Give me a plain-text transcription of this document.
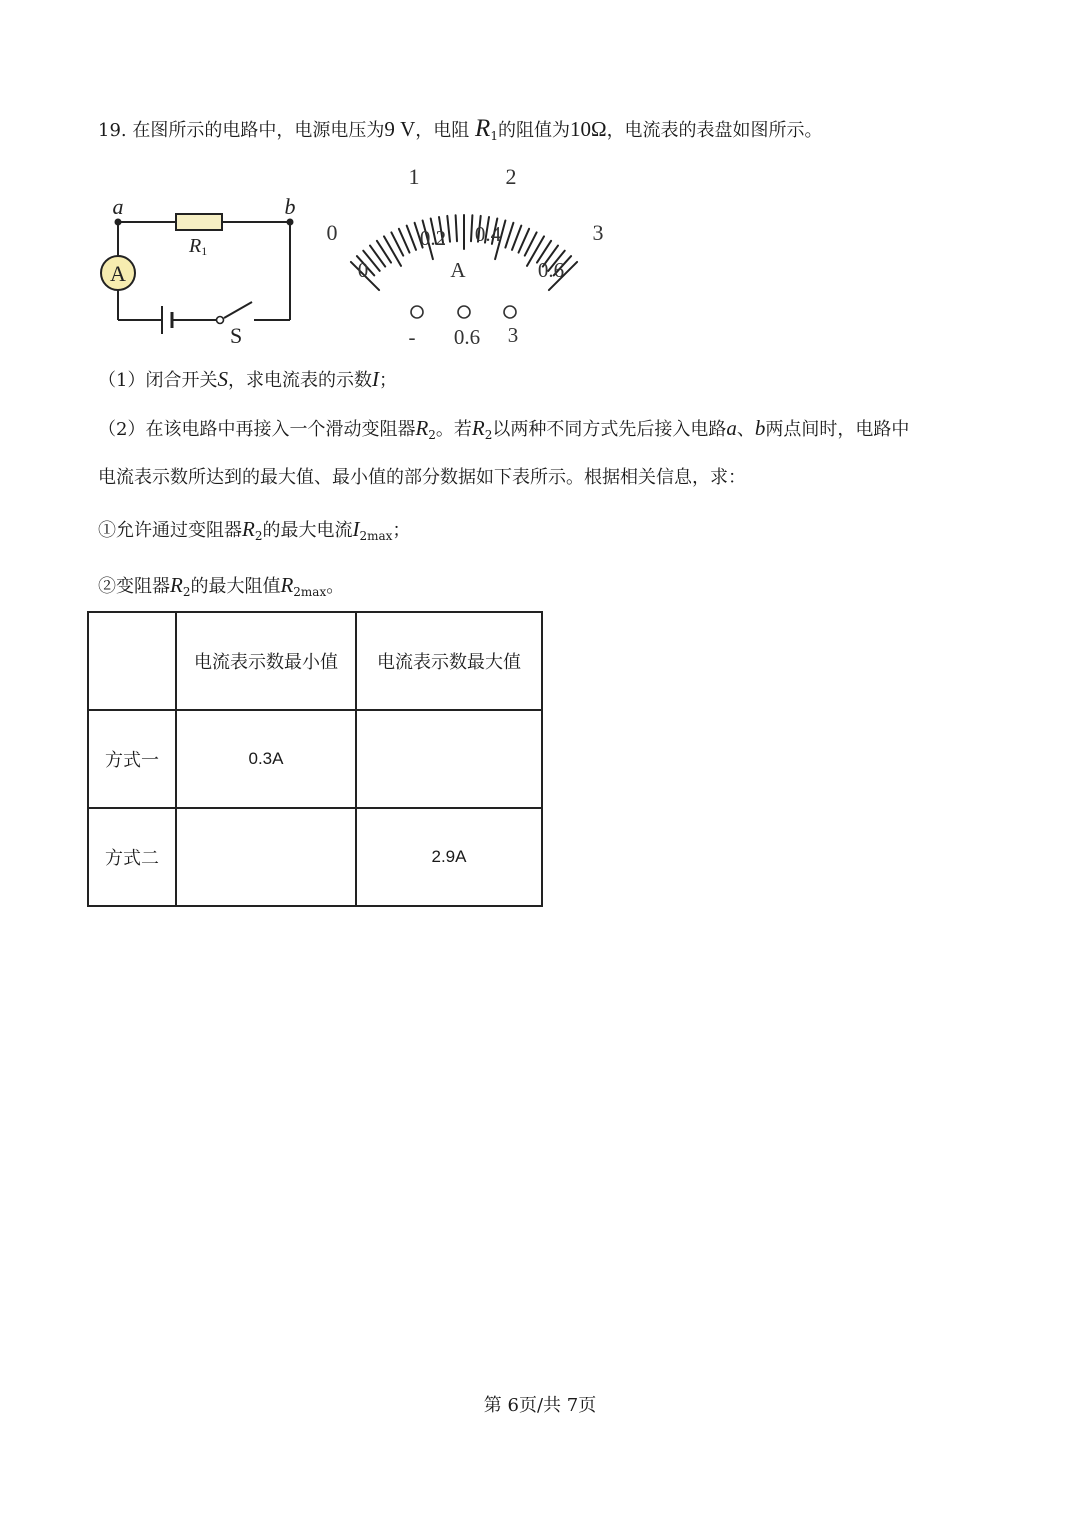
19. 在图所示的电路中，电源电压为9 V，电阻 $R_1$的阻值为10Ω，电流表的表盘如图所示。
A
a	b
R1
S
0
1	2
3
0
0.2 0.4
0.6
A
- 0.6 3
（1）闭合开关S，求电流表的示数I；
（2）在该电路中再接入一个滑动变阻器$R_2$。若$R_2$以两种不同方式先后接入电路a、b两点间时，电路中
电流表示数所达到的最大值、最小值的部分数据如下表所示。根据相关信息，求：
①允许通过变阻器$R_2$的最大电流$I_{2max}$；
②变阻器$R_2$的最大阻值$R_{2max}$。
	电流表示数最小值	电流表示数最大值
方式一	0.3A	
方式二		2.9A
第 6页/共 7页
